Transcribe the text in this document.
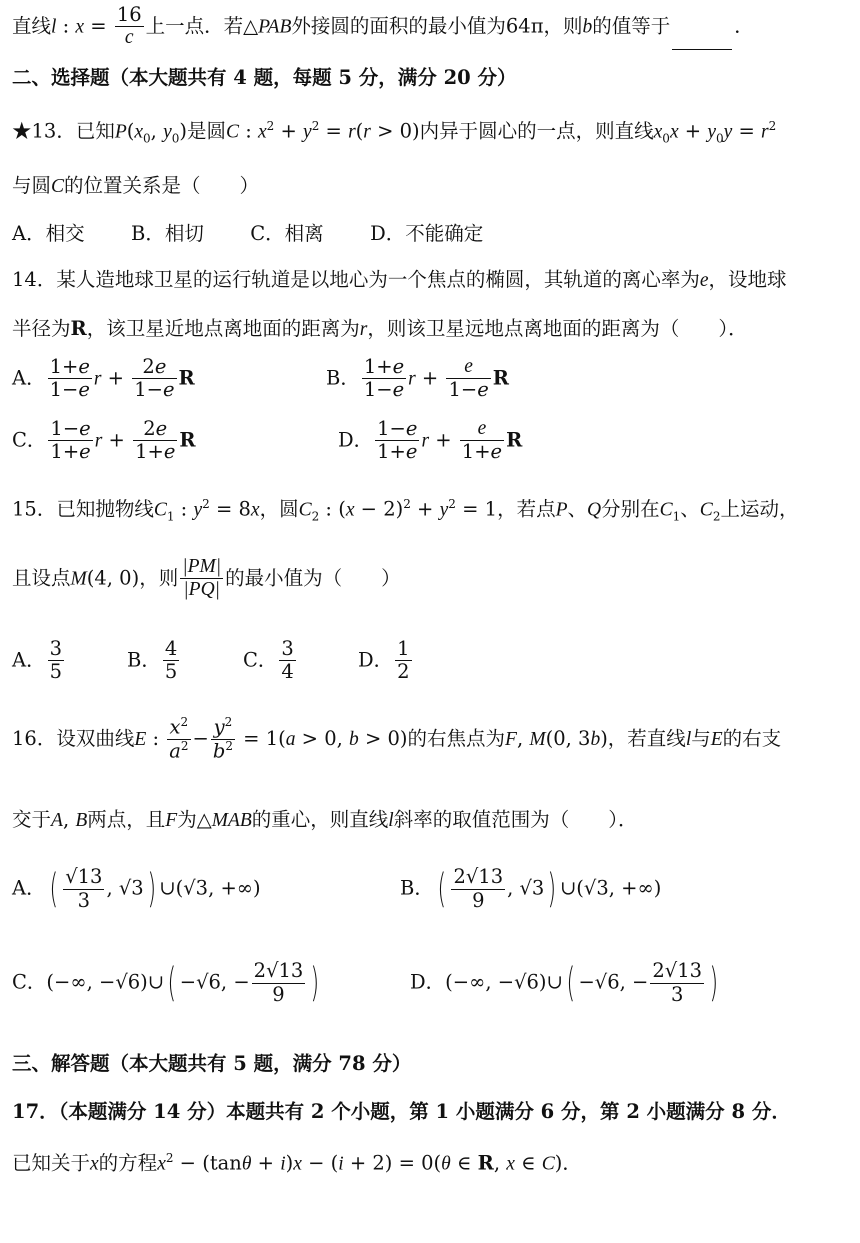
直线l : $x = \frac{16}{c}$ 上一点．若△PAB外接圆的面积的最小值为64π，则b的值等于	．
二、选择题（本大题共有 4 题，每题 5 分，满分 20 分）
★13．已知$P(x_0$, $y_0$)是圆C : $x^2 + y^2 = r(r > 0)$内异于圆心的一点，则直线$x_0x + y_0y = r^2$
与圆C的位置关系是（　　）
A．相交 B．相切 C．相离 D．不能确定
14．某人造地球卫星的运行轨道是以地心为一个焦点的椭圆，其轨道的离心率为e，设地球
半径为R，该卫星近地点离地面的距离为r，则该卫星远地点离地面的距离为（　　）．
A． $\frac{1+e}{1-e}$ $r + \frac{2e}{1-e}$ R	B． $\frac{1+e}{1-e}$ $r + \frac{e}{1-e}$ R
C． $\frac{1-e}{1+e}$ $r + \frac{2e}{1+e}$ R	D． $\frac{1-e}{1+e}$ $r + \frac{e}{1+e}$ R
15．已知抛物线$C_1$ : $y^2 = 8x$，圆$C_2$ : $(x - 2)^2 + y^2 = 1$，若点P、Q分别在$C_1$、$C_2$上运动，
且设点M(4, 0)，则 $\frac{|PM|}{|PQ|}$ 的最小值为（　　）
A． $\frac{3}{5}$	B． $\frac{4}{5}$	C． $\frac{3}{4}$	D． $\frac{1}{2}$
16．设双曲线E : $\frac{x^2}{a^2} - \frac{y^2}{b^2} = 1(a > 0$, b > 0)的右焦点为F, M(0, 3b)，若直线l与E的右支
交于A, B两点，且F为△MAB的重心，则直线l斜率的取值范围为（　　）．
A．( $\frac{√13}{3}$ , √3) ∪(√3, +∞)	B．( $\frac{2√13}{9}$ , √3) ∪(√3, +∞)
C．(−∞, −√6)∪( −√6, − $\frac{2√13}{9}$ )	D．(−∞, −√6)∪( −√6, − $\frac{2√13}{3}$ )
三、解答题（本大题共有 5 题，满分 78 分）
17．（本题满分 14 分）本题共有 2 个小题，第 1 小题满分 6 分，第 2 小题满分 8 分．
已知关于x的方程$x^2 - (\tan\theta + i)x - (i + 2) = 0(\theta$ ∈ R, x ∈ C)．
